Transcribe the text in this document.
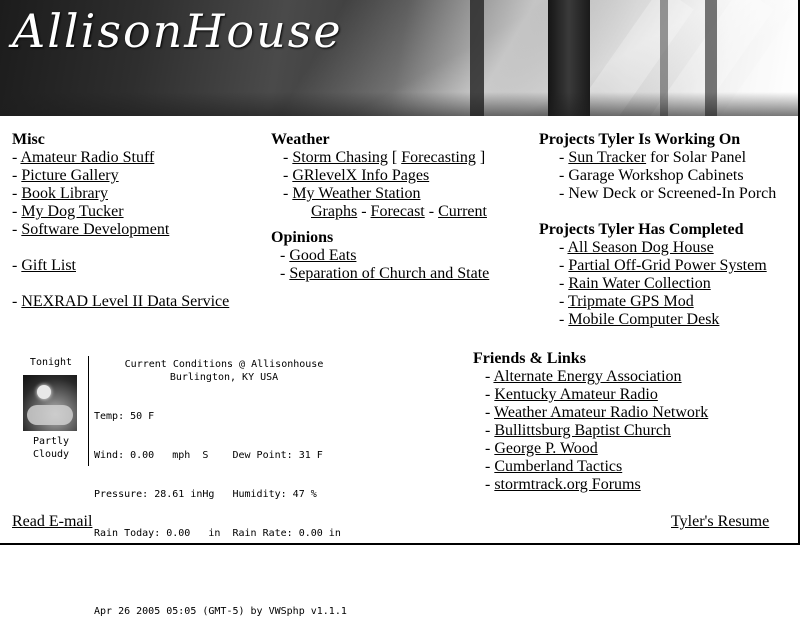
AllisonHouse
Misc
- Amateur Radio Stuff
- Picture Gallery
- Book Library
- My Dog Tucker
- Software Development
- Gift List
- NEXRAD Level II Data Service
Weather
- Storm Chasing [ Forecasting ]
- GRlevelX Info Pages
- My Weather Station
Graphs - Forecast - Current
Opinions
- Good Eats
- Separation of Church and State
Projects Tyler Is Working On
- Sun Tracker for Solar Panel
- Garage Workshop Cabinets
- New Deck or Screened-In Porch
Projects Tyler Has Completed
- All Season Dog House
- Partial Off-Grid Power System
- Rain Water Collection
- Tripmate GPS Mod
- Mobile Computer Desk
Friends & Links
- Alternate Energy Association
- Kentucky Amateur Radio
- Weather Amateur Radio Network
- Bullittsburg Baptist Church
- George P. Wood
- Cumberland Tactics
- stormtrack.org Forums
Tonight
Partly
Cloudy
Current Conditions @ Allisonhouse
Burlington, KY USA

Temp: 50 F

Wind: 0.00   mph  S    Dew Point: 31 F

Pressure: 28.61 inHg   Humidity: 47 %

Rain Today: 0.00   in  Rain Rate: 0.00 in

Apr 26 2005 05:05 (GMT-5) by VWSphp v1.1.1

Read E-mail	Tyler's Resume
